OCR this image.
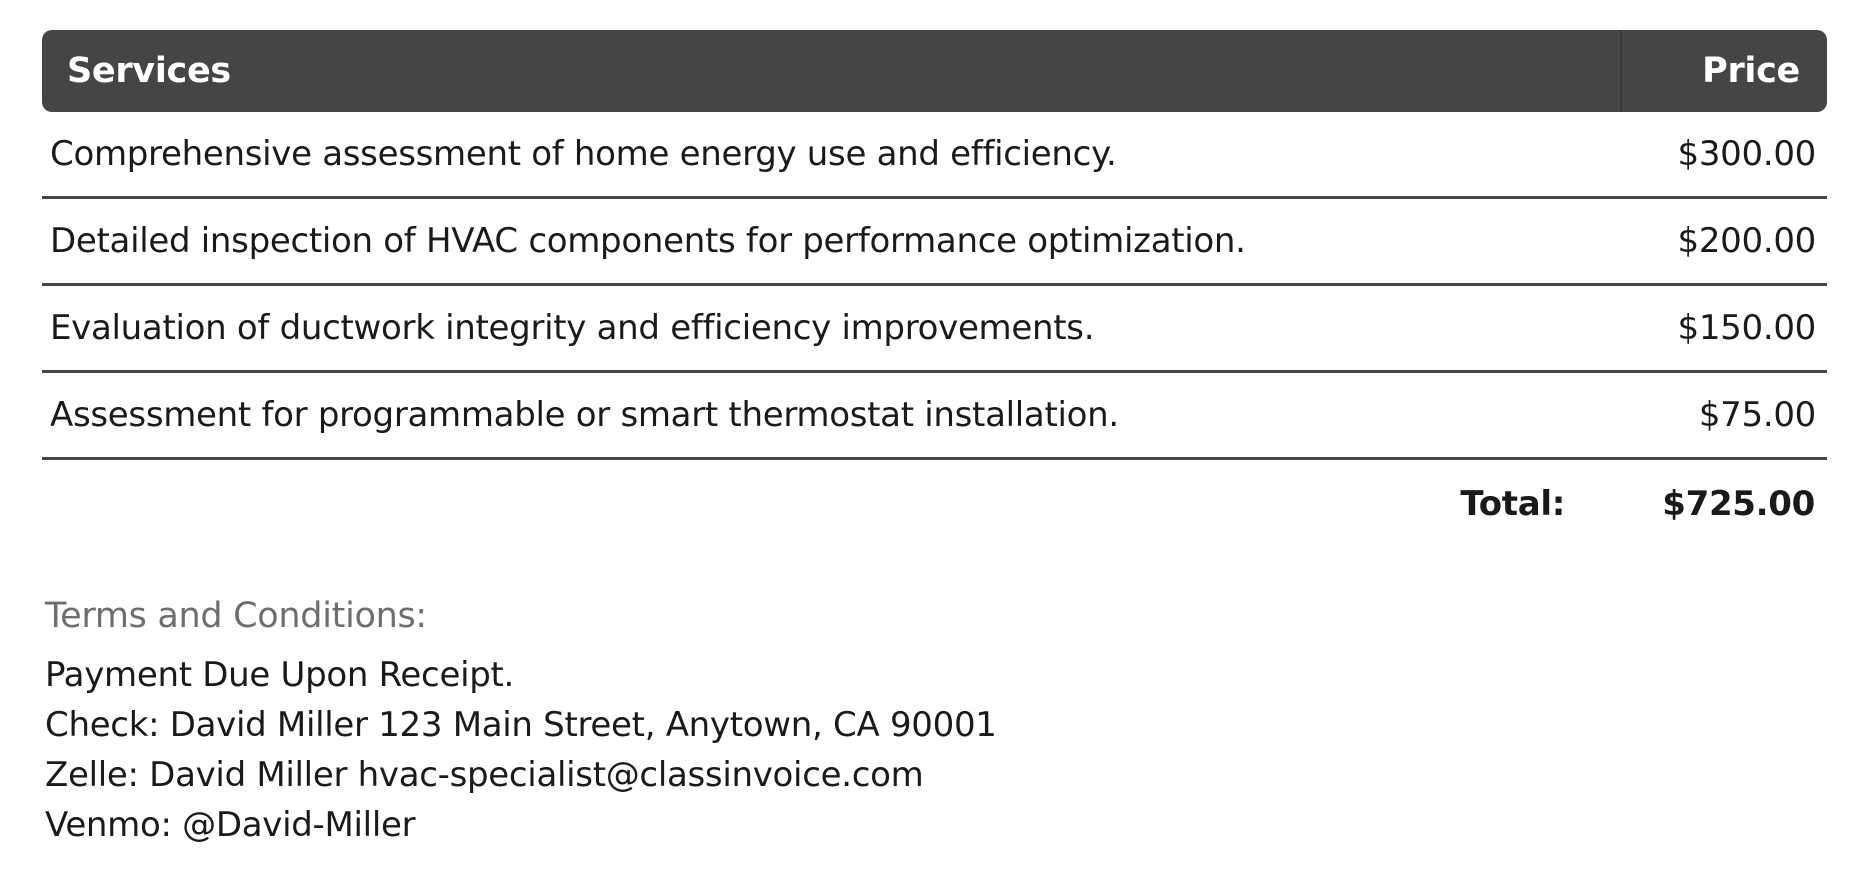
Services	Price
Comprehensive assessment of home energy use and efficiency.	$300.00
Detailed inspection of HVAC components for performance optimization.	$200.00
Evaluation of ductwork integrity and efficiency improvements.	$150.00
Assessment for programmable or smart thermostat installation.	$75.00
Total:	$725.00
Terms and Conditions:
Payment Due Upon Receipt.
Check: David Miller 123 Main Street, Anytown, CA 90001
Zelle: David Miller hvac-specialist@classinvoice.com
Venmo: @David-Miller
